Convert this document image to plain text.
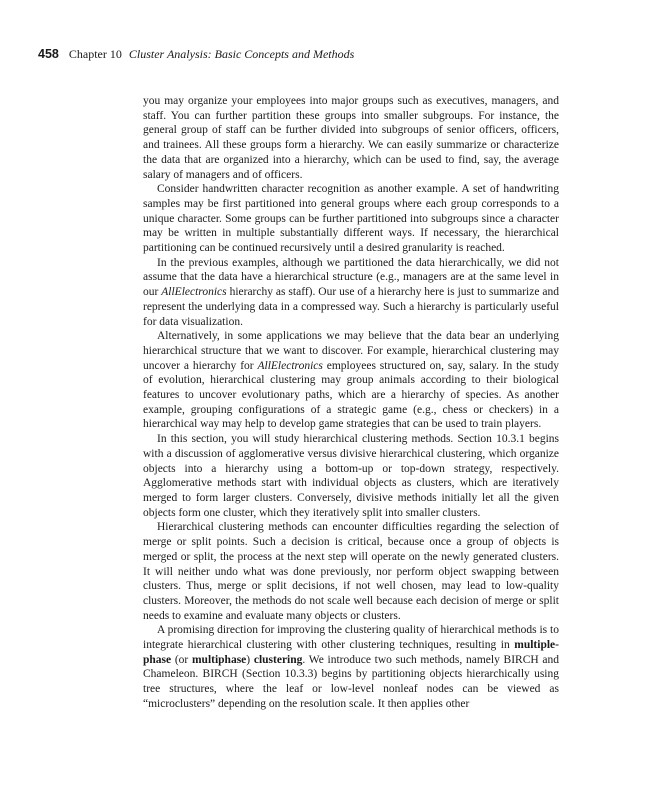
458 Chapter 10 Cluster Analysis: Basic Concepts and Methods

you may organize your employees into major groups such as executives, managers, and staff. You can further partition these groups into smaller subgroups. For instance, the general group of staff can be further divided into subgroups of senior officers, officers, and trainees. All these groups form a hierarchy. We can easily summarize or characterize the data that are organized into a hierarchy, which can be used to find, say, the average salary of managers and of officers.

Consider handwritten character recognition as another example. A set of handwriting samples may be first partitioned into general groups where each group corresponds to a unique character. Some groups can be further partitioned into subgroups since a character may be written in multiple substantially different ways. If necessary, the hierarchical partitioning can be continued recursively until a desired granularity is reached.

In the previous examples, although we partitioned the data hierarchically, we did not assume that the data have a hierarchical structure (e.g., managers are at the same level in our AllElectronics hierarchy as staff). Our use of a hierarchy here is just to summarize and represent the underlying data in a compressed way. Such a hierarchy is particularly useful for data visualization.

Alternatively, in some applications we may believe that the data bear an underlying hierarchical structure that we want to discover. For example, hierarchical clustering may uncover a hierarchy for AllElectronics employees structured on, say, salary. In the study of evolution, hierarchical clustering may group animals according to their biological features to uncover evolutionary paths, which are a hierarchy of species. As another example, grouping configurations of a strategic game (e.g., chess or checkers) in a hierarchical way may help to develop game strategies that can be used to train players.

In this section, you will study hierarchical clustering methods. Section 10.3.1 begins with a discussion of agglomerative versus divisive hierarchical clustering, which organize objects into a hierarchy using a bottom-up or top-down strategy, respectively. Agglomerative methods start with individual objects as clusters, which are iteratively merged to form larger clusters. Conversely, divisive methods initially let all the given objects form one cluster, which they iteratively split into smaller clusters.

Hierarchical clustering methods can encounter difficulties regarding the selection of merge or split points. Such a decision is critical, because once a group of objects is merged or split, the process at the next step will operate on the newly generated clusters. It will neither undo what was done previously, nor perform object swapping between clusters. Thus, merge or split decisions, if not well chosen, may lead to low-quality clusters. Moreover, the methods do not scale well because each decision of merge or split needs to examine and evaluate many objects or clusters.

A promising direction for improving the clustering quality of hierarchical methods is to integrate hierarchical clustering with other clustering techniques, resulting in multiple-phase (or multiphase) clustering. We introduce two such methods, namely BIRCH and Chameleon. BIRCH (Section 10.3.3) begins by partitioning objects hierarchically using tree structures, where the leaf or low-level nonleaf nodes can be viewed as “microclusters” depending on the resolution scale. It then applies other
